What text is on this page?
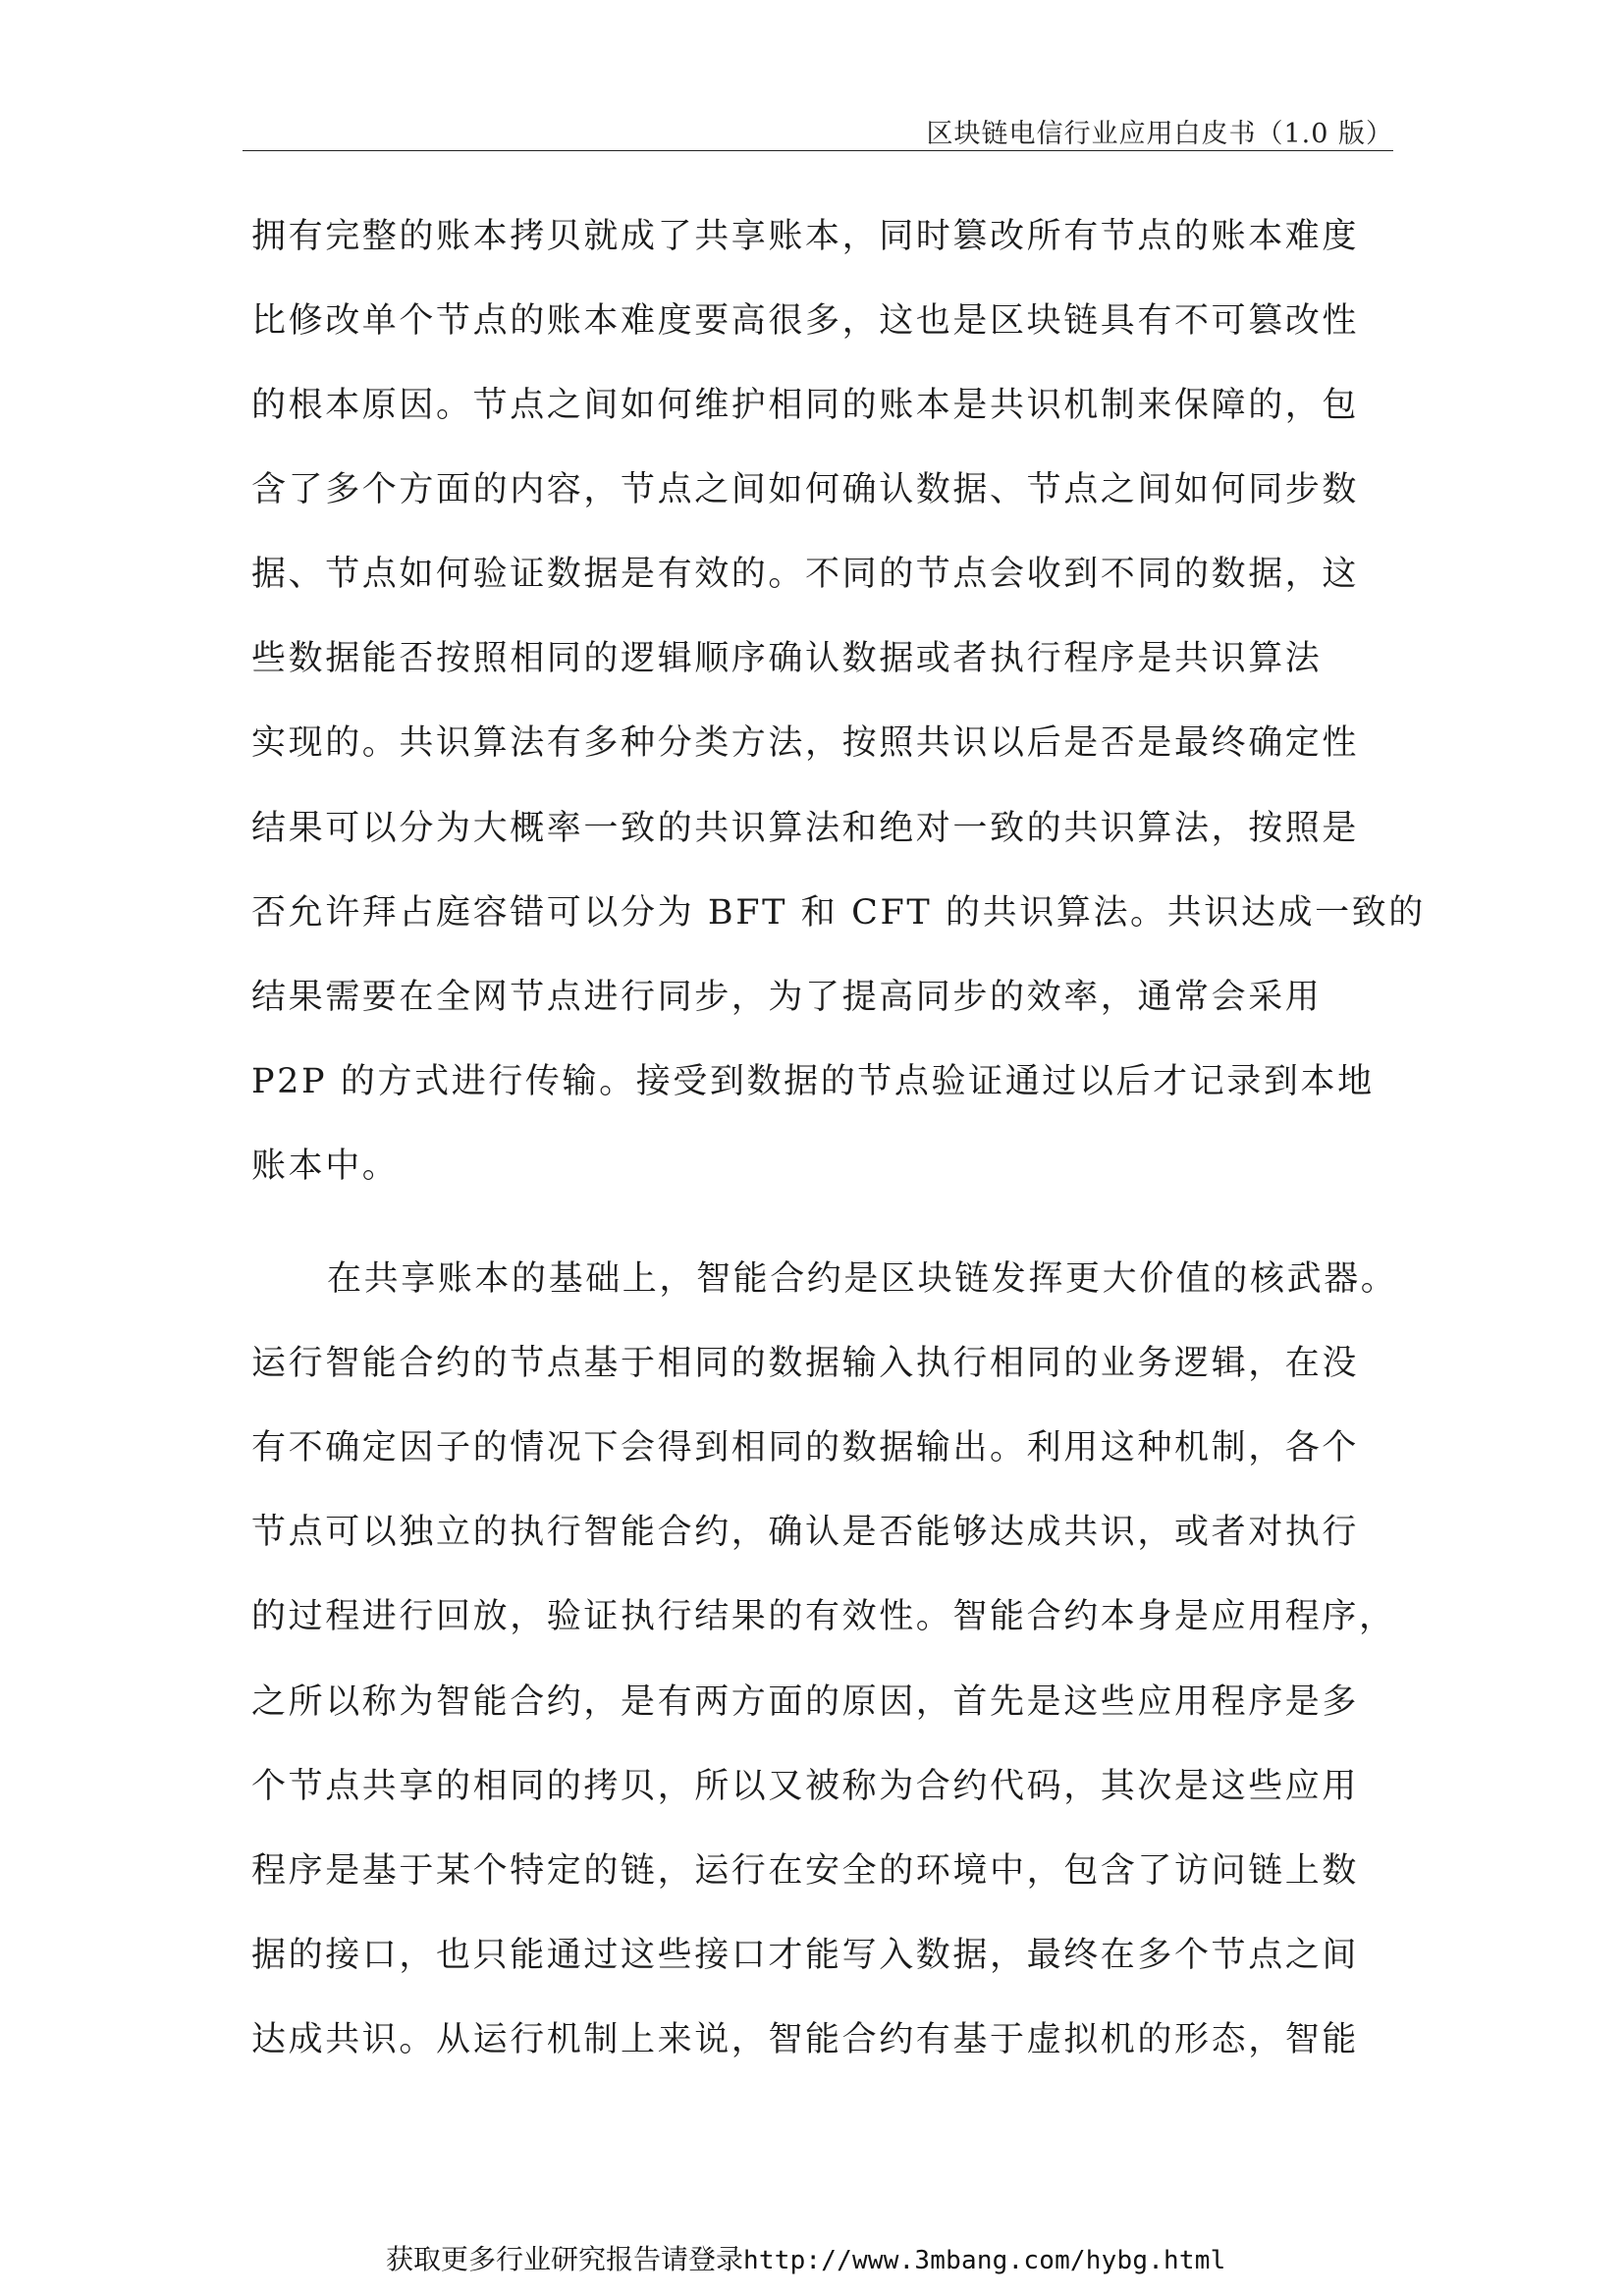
区块链电信行业应用白皮书（1.0 版）
拥有完整的账本拷贝就成了共享账本，同时篡改所有节点的账本难度
比修改单个节点的账本难度要高很多，这也是区块链具有不可篡改性
的根本原因。节点之间如何维护相同的账本是共识机制来保障的，包
含了多个方面的内容，节点之间如何确认数据、节点之间如何同步数
据、节点如何验证数据是有效的。不同的节点会收到不同的数据，这
些数据能否按照相同的逻辑顺序确认数据或者执行程序是共识算法
实现的。共识算法有多种分类方法，按照共识以后是否是最终确定性
结果可以分为大概率一致的共识算法和绝对一致的共识算法，按照是
否允许拜占庭容错可以分为 BFT 和 CFT 的共识算法。共识达成一致的
结果需要在全网节点进行同步，为了提高同步的效率，通常会采用
P2P 的方式进行传输。接受到数据的节点验证通过以后才记录到本地
账本中。
在共享账本的基础上，智能合约是区块链发挥更大价值的核武器。
运行智能合约的节点基于相同的数据输入执行相同的业务逻辑，在没
有不确定因子的情况下会得到相同的数据输出。利用这种机制，各个
节点可以独立的执行智能合约，确认是否能够达成共识，或者对执行
的过程进行回放，验证执行结果的有效性。智能合约本身是应用程序，
之所以称为智能合约，是有两方面的原因，首先是这些应用程序是多
个节点共享的相同的拷贝，所以又被称为合约代码，其次是这些应用
程序是基于某个特定的链，运行在安全的环境中，包含了访问链上数
据的接口，也只能通过这些接口才能写入数据，最终在多个节点之间
达成共识。从运行机制上来说，智能合约有基于虚拟机的形态，智能
获取更多行业研究报告请登录http://www.3mbang.com/hybg.html
